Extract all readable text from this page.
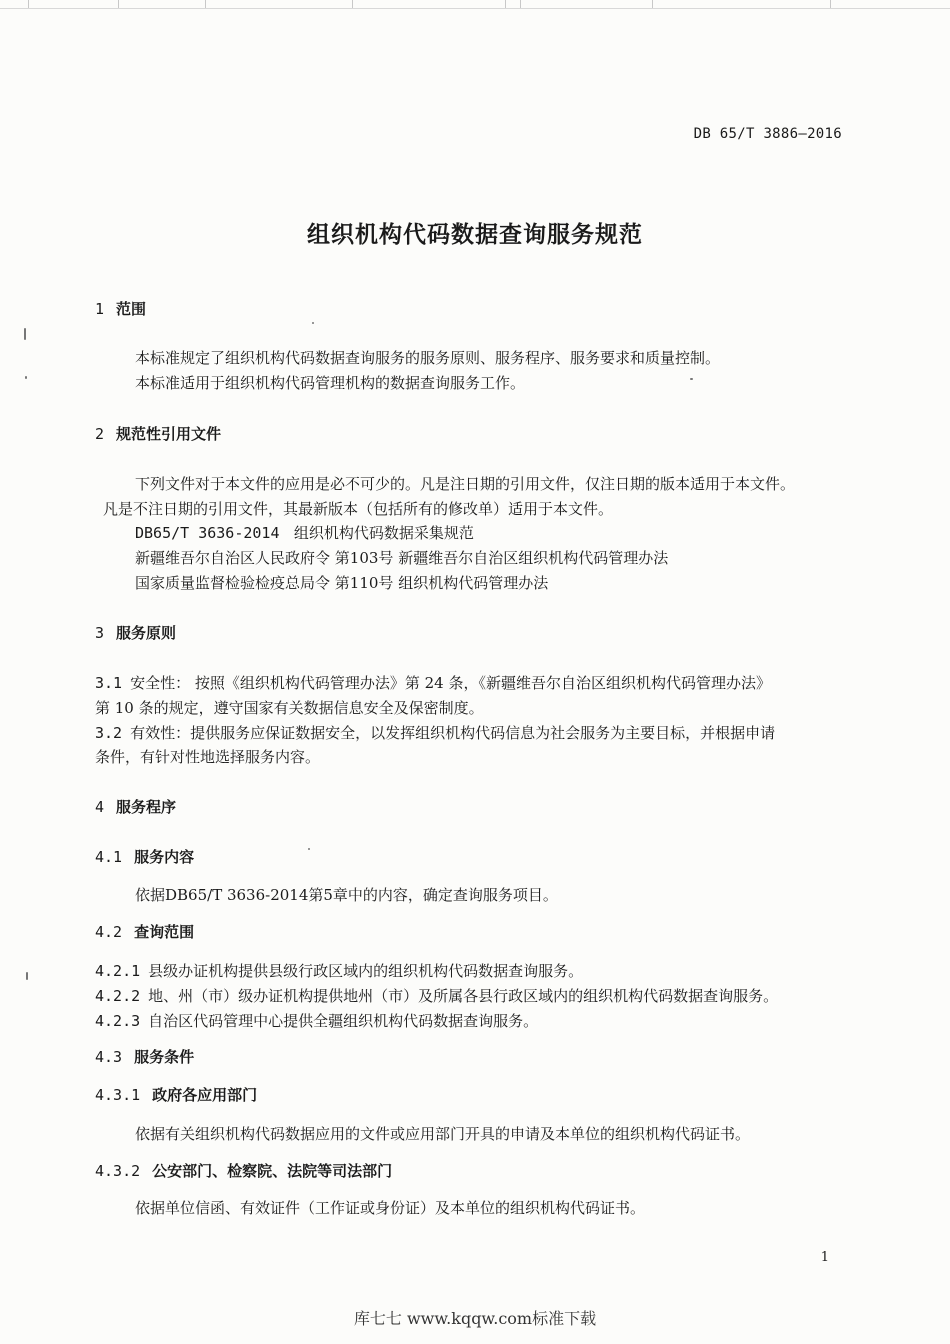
DB 65/T 3886—2016
组织机构代码数据查询服务规范
1 范围
本标准规定了组织机构代码数据查询服务的服务原则、服务程序、服务要求和质量控制。
本标准适用于组织机构代码管理机构的数据查询服务工作。
2 规范性引用文件
下列文件对于本文件的应用是必不可少的。凡是注日期的引用文件，仅注日期的版本适用于本文件。
凡是不注日期的引用文件，其最新版本（包括所有的修改单）适用于本文件。
DB65/T 3636-2014 组织机构代码数据采集规范
新疆维吾尔自治区人民政府令 第103号 新疆维吾尔自治区组织机构代码管理办法
国家质量监督检验检疫总局令 第110号 组织机构代码管理办法
3 服务原则
3.1 安全性： 按照《组织机构代码管理办法》第 24 条，《新疆维吾尔自治区组织机构代码管理办法》
第 10 条的规定，遵守国家有关数据信息安全及保密制度。
3.2 有效性：提供服务应保证数据安全，以发挥组织机构代码信息为社会服务为主要目标，并根据申请
条件，有针对性地选择服务内容。
4 服务程序
4.1 服务内容
依据DB65/T 3636-2014第5章中的内容，确定查询服务项目。
4.2 查询范围
4.2.1 县级办证机构提供县级行政区域内的组织机构代码数据查询服务。
4.2.2 地、州（市）级办证机构提供地州（市）及所属各县行政区域内的组织机构代码数据查询服务。
4.2.3 自治区代码管理中心提供全疆组织机构代码数据查询服务。
4.3 服务条件
4.3.1 政府各应用部门
依据有关组织机构代码数据应用的文件或应用部门开具的申请及本单位的组织机构代码证书。
4.3.2 公安部门、检察院、法院等司法部门
依据单位信函、有效证件（工作证或身份证）及本单位的组织机构代码证书。
1
库七七 www.kqqw.com标准下载
